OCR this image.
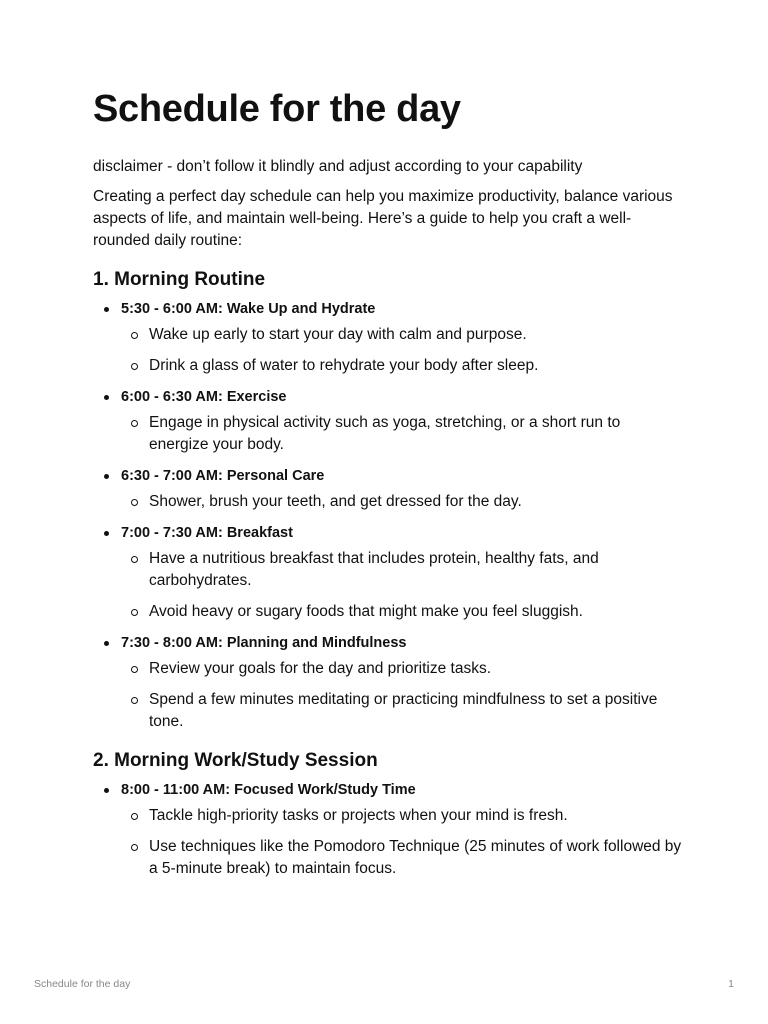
Schedule for the day

disclaimer - don’t follow it blindly and adjust according to your capability

Creating a perfect day schedule can help you maximize productivity, balance various aspects of life, and maintain well-being. Here’s a guide to help you craft a well-rounded daily routine:

1. Morning Routine
5:30 - 6:00 AM: Wake Up and Hydrate
Wake up early to start your day with calm and purpose.
Drink a glass of water to rehydrate your body after sleep.
6:00 - 6:30 AM: Exercise
Engage in physical activity such as yoga, stretching, or a short run to energize your body.
6:30 - 7:00 AM: Personal Care
Shower, brush your teeth, and get dressed for the day.
7:00 - 7:30 AM: Breakfast
Have a nutritious breakfast that includes protein, healthy fats, and carbohydrates.
Avoid heavy or sugary foods that might make you feel sluggish.
7:30 - 8:00 AM: Planning and Mindfulness
Review your goals for the day and prioritize tasks.
Spend a few minutes meditating or practicing mindfulness to set a positive tone.
2. Morning Work/Study Session
8:00 - 11:00 AM: Focused Work/Study Time
Tackle high-priority tasks or projects when your mind is fresh.
Use techniques like the Pomodoro Technique (25 minutes of work followed by a 5-minute break) to maintain focus.
Schedule for the day	1
